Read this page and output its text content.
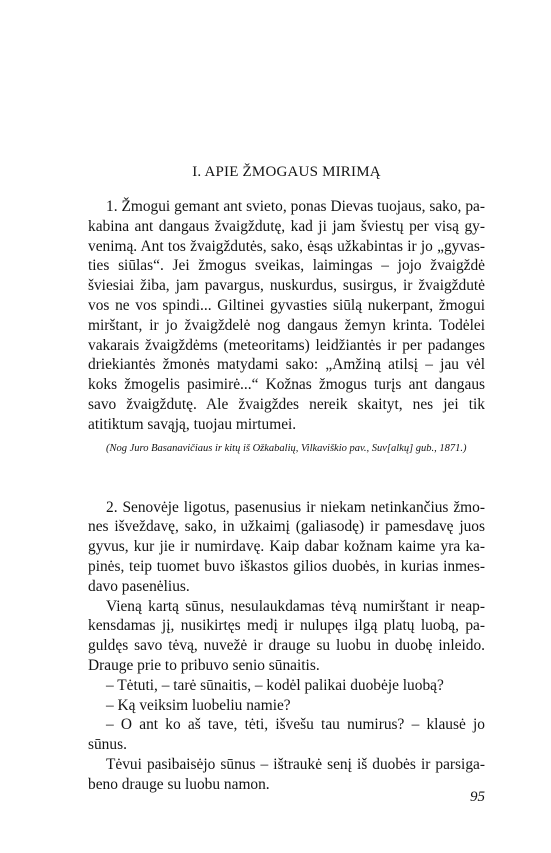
I. APIE ŽMOGAUS MIRIMĄ

1. Žmogui gemant ant svieto, ponas Dievas tuojaus, sako, pakabina ant dangaus žvaigždutę, kad ji jam šviestų per visą gyvenimą. Ant tos žvaigždutės, sako, ėsąs užkabintas ir jo „gyvasties siūlas“. Jei žmogus sveikas, laimingas – jojo žvaigždė šviesiai žiba, jam pavargus, nuskurdus, susirgus, ir žvaigždutė vos ne vos spindi... Giltinei gyvasties siūlą nukerpant, žmogui mirštant, ir jo žvaigždelė nog dangaus žemyn krinta. Todėlei vakarais žvaigždėms (meteoritams) leidžiantės ir per padanges driekiantės žmonės matydami sako: „Amžiną atilsį – jau vėl koks žmogelis pasimirė...“ Kožnas žmogus turįs ant dangaus savo žvaigždutę. Ale žvaigždes nereik skaityt, nes jei tik atitiktum savąją, tuojau mirtumei.

(Nog Juro Basanavičiaus ir kitų iš Ožkabalių, Vilkaviškio pav., Suv[alkų] gub., 1871.)

2. Senovėje ligotus, pasenusius ir niekam netinkančius žmones išveždavę, sako, in užkaimį (galiasodę) ir pamesdavę juos gyvus, kur jie ir numirdavę. Kaip dabar kožnam kaime yra kapinės, teip tuomet buvo iškastos gilios duobės, in kurias inmesdavo pasenėlius.

Vieną kartą sūnus, nesulaukdamas tėvą numirštant ir neapkensdamas jį, nusikirtęs medį ir nulupęs ilgą platų luobą, paguldęs savo tėvą, nuvežė ir drauge su luobu in duobę inleido. Drauge prie to pribuvo senio sūnaitis.

– Tėtuti, – tarė sūnaitis, – kodėl palikai duobėje luobą?

– Ką veiksim luobeliu namie?

– O ant ko aš tave, tėti, išvešu tau numirus? – klausė jo sūnus.

Tėvui pasibaisėjo sūnus – ištraukė senį iš duobės ir parsigabeno drauge su luobu namon.

95
